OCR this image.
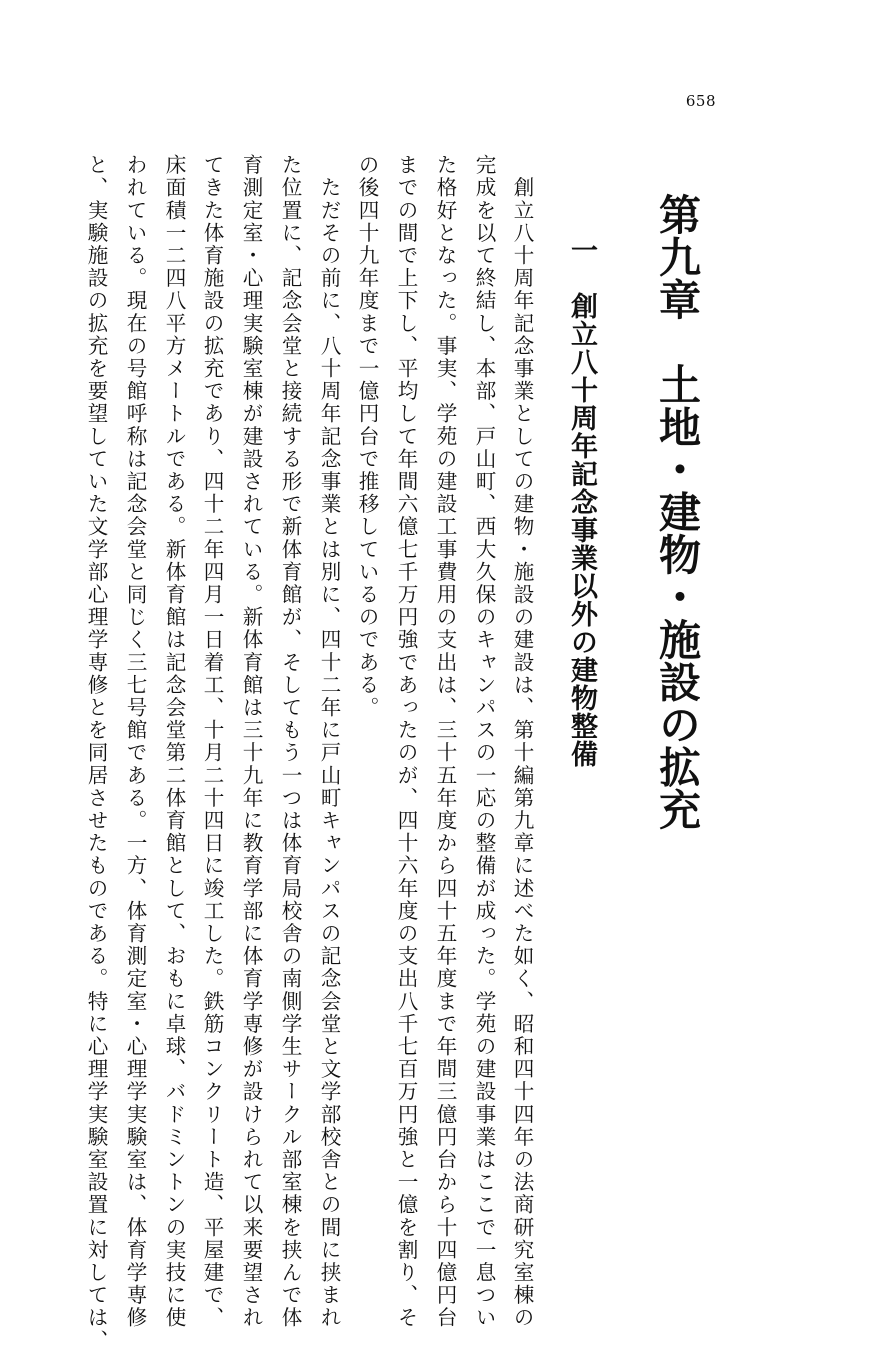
658
第九章　土地・建物・施設の拡充
一　創立八十周年記念事業以外の建物整備

　創立八十周年記念事業としての建物・施設の建設は、第十編第九章に述べた如く、昭和四十四年の法商研究室棟の

完成を以て終結し、本部、戸山町、西大久保のキャンパスの一応の整備が成った。学苑の建設事業はここで一息つい

た格好となった。事実、学苑の建設工事費用の支出は、三十五年度から四十五年度まで年間三億円台から十四億円台

までの間で上下し、平均して年間六億七千万円強であったのが、四十六年度の支出八千七百万円強と一億を割り、そ

の後四十九年度まで一億円台で推移しているのである。

　ただその前に、八十周年記念事業とは別に、四十二年に戸山町キャンパスの記念会堂と文学部校舎との間に挟まれ

た位置に、記念会堂と接続する形で新体育館が、そしてもう一つは体育局校舎の南側学生サークル部室棟を挟んで体

育測定室・心理実験室棟が建設されている。新体育館は三十九年に教育学部に体育学専修が設けられて以来要望され

てきた体育施設の拡充であり、四十二年四月一日着工、十月二十四日に竣工した。鉄筋コンクリート造、平屋建で、

床面積一二四八平方メートルである。新体育館は記念会堂第二体育館として、おもに卓球、バドミントンの実技に使

われている。現在の号館呼称は記念会堂と同じく三七号館である。一方、体育測定室・心理学実験室は、体育学専修

と、実験施設の拡充を要望していた文学部心理学専修とを同居させたものである。特に心理学実験室設置に対しては、
